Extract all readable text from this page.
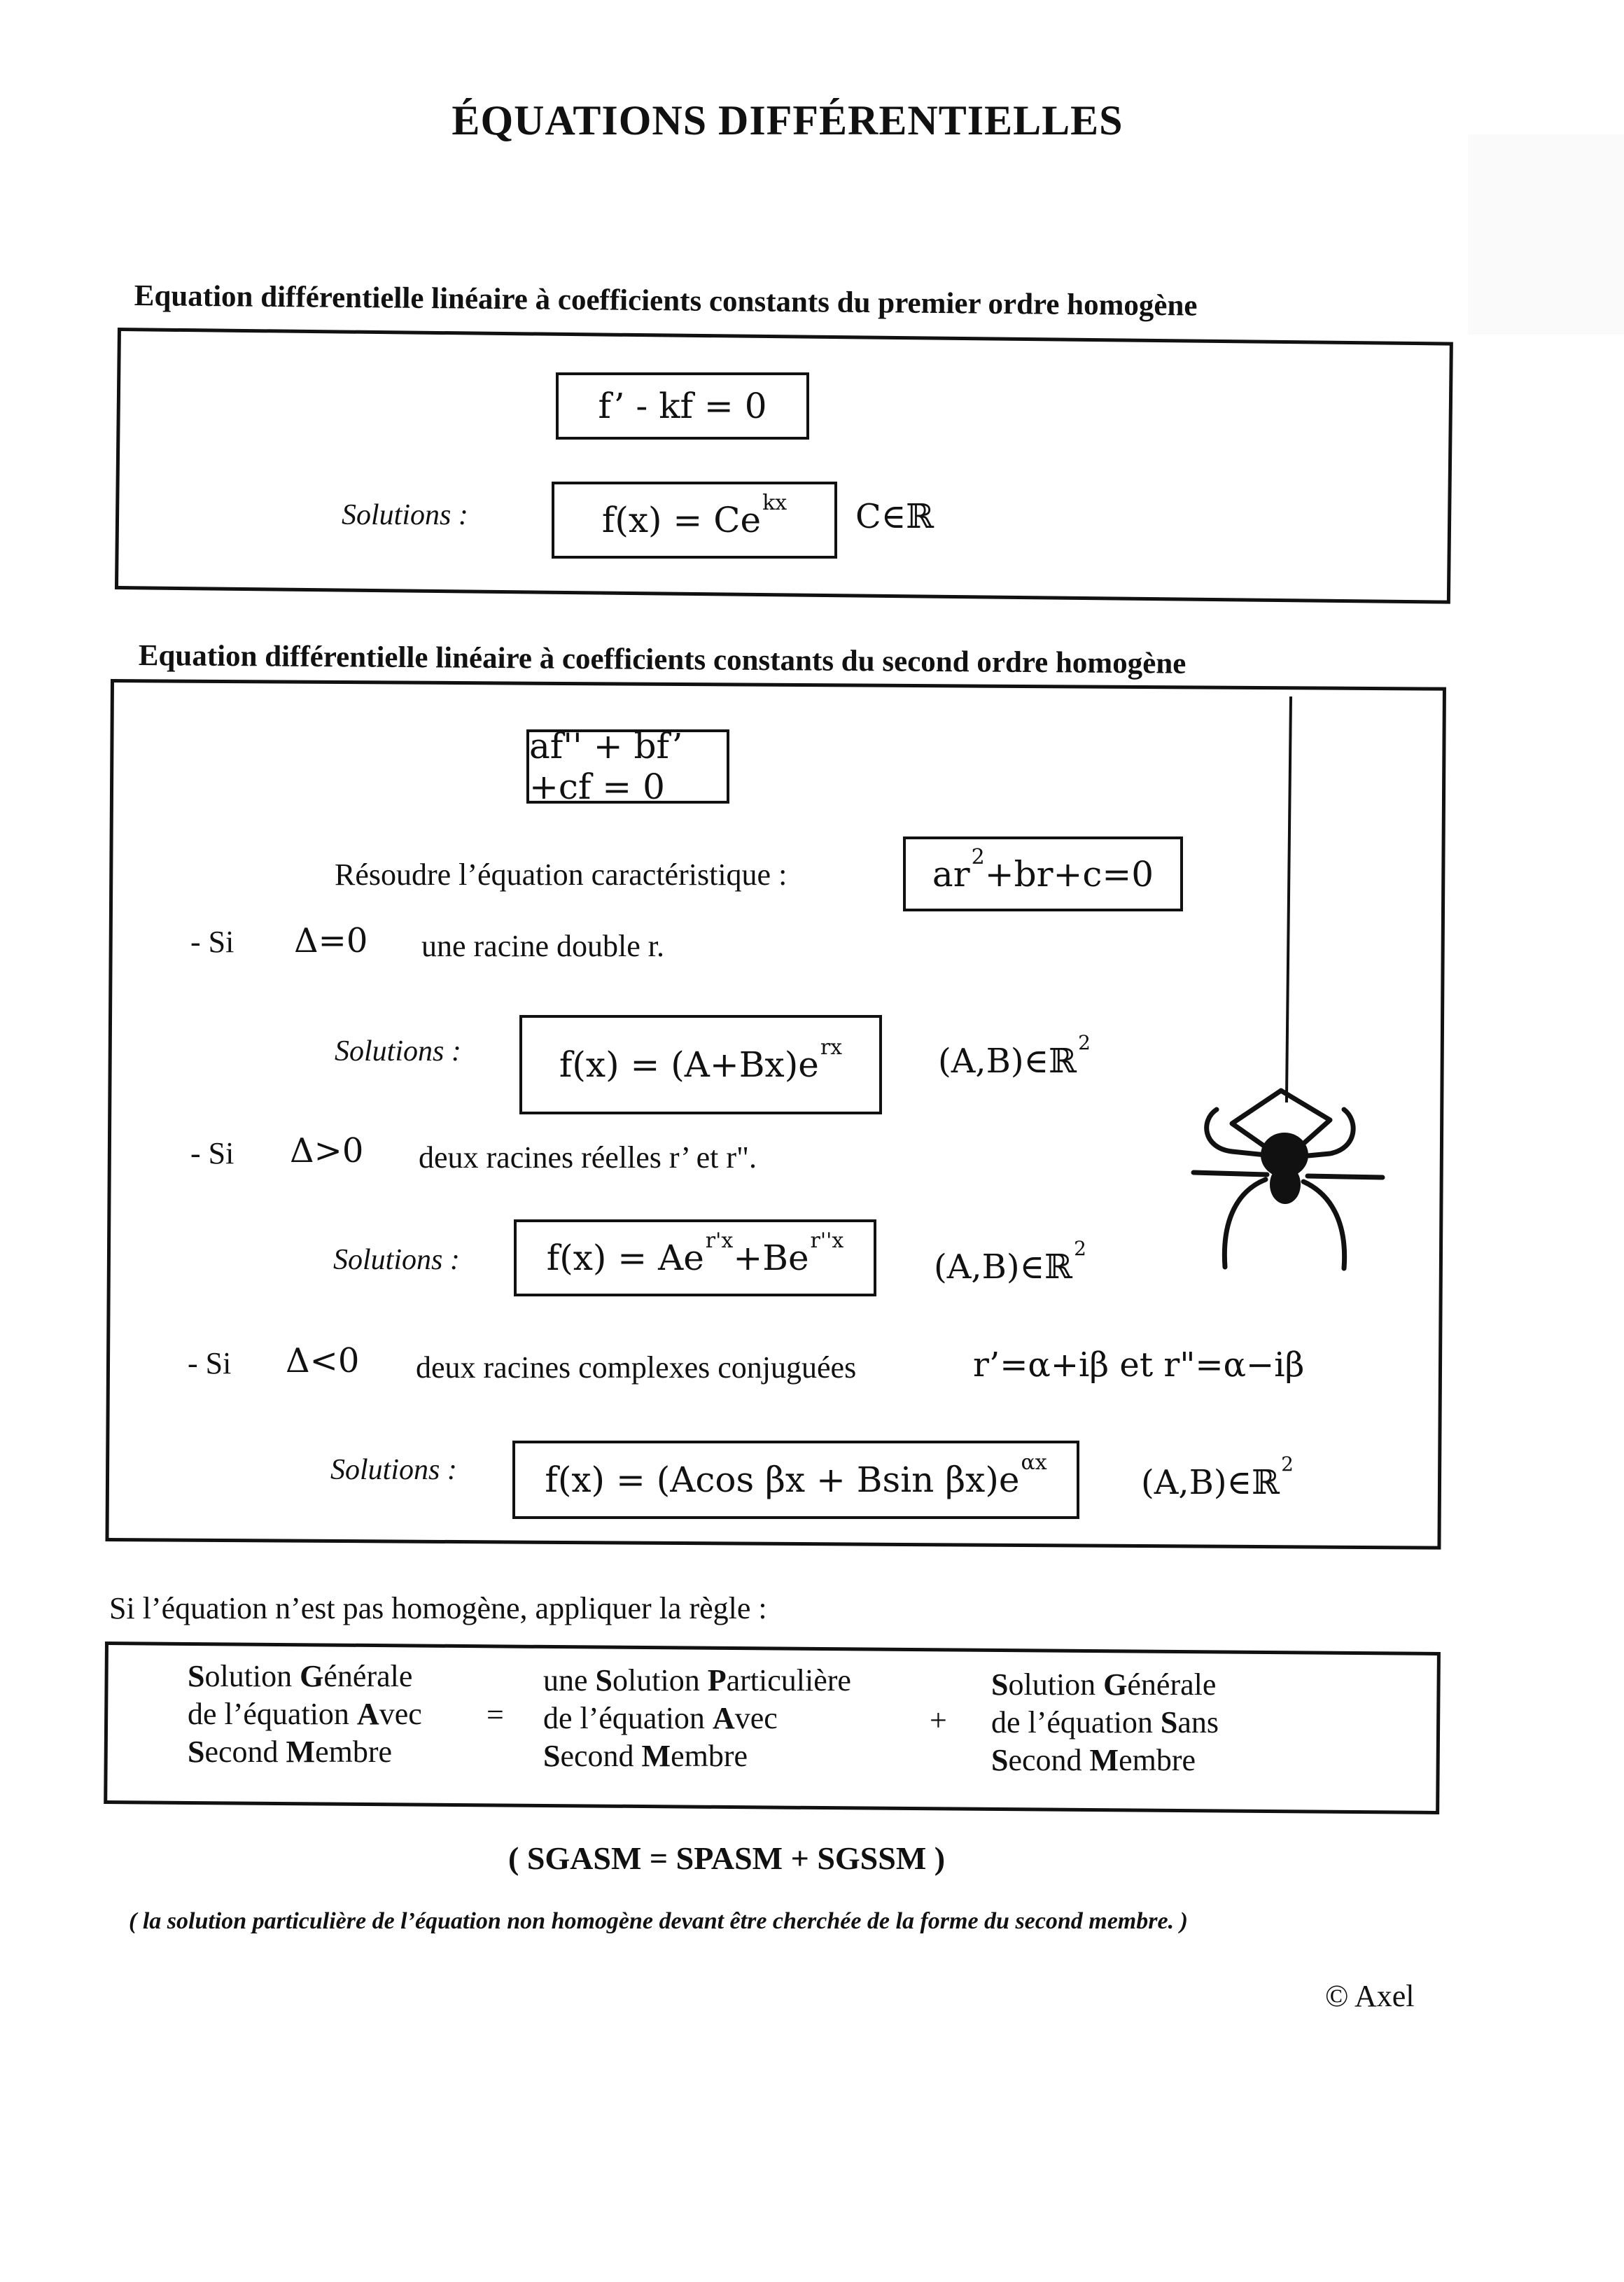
ÉQUATIONS DIFFÉRENTIELLES
Equation différentielle linéaire à coefficients constants du premier ordre homogène
f’ - kf = 0
Solutions :	$f(x) = Ce^{kx}$ C∈ℝ
Equation différentielle linéaire à coefficients constants du second ordre homogène
af'' + bf’ +cf = 0
Résoudre l’équation caractéristique :	$ar^2+br+c=0$
- Si Δ=0 une racine double r.
Solutions :	$f(x) = (A+Bx)e^{rx}$	(A,B)∈ℝ$^2$
- Si Δ>0 deux racines réelles r’ et r".
Solutions : $f(x) = Ae^{r'x}+Be^{r''x}$
(A,B)∈ℝ$^2$
- Si Δ<0 deux racines complexes conjuguées	r’=α+iβ et r"=α−iβ
Solutions :	f(x) = (Acos βx + Bsin $\beta x)e^{\alpha x}$
(A,B)∈ℝ$^2$
Si l’équation n’est pas homogène, appliquer la règle :
Solution Générale
de l’équation Avec
Second Membre
=
une Solution Particulière
de l’équation Avec
Second Membre
+
Solution Générale
de l’équation Sans
Second Membre
( SGASM = SPASM + SGSSM )
( la solution particulière de l’équation non homogène devant être cherchée de la forme du second membre. )
© Axel
